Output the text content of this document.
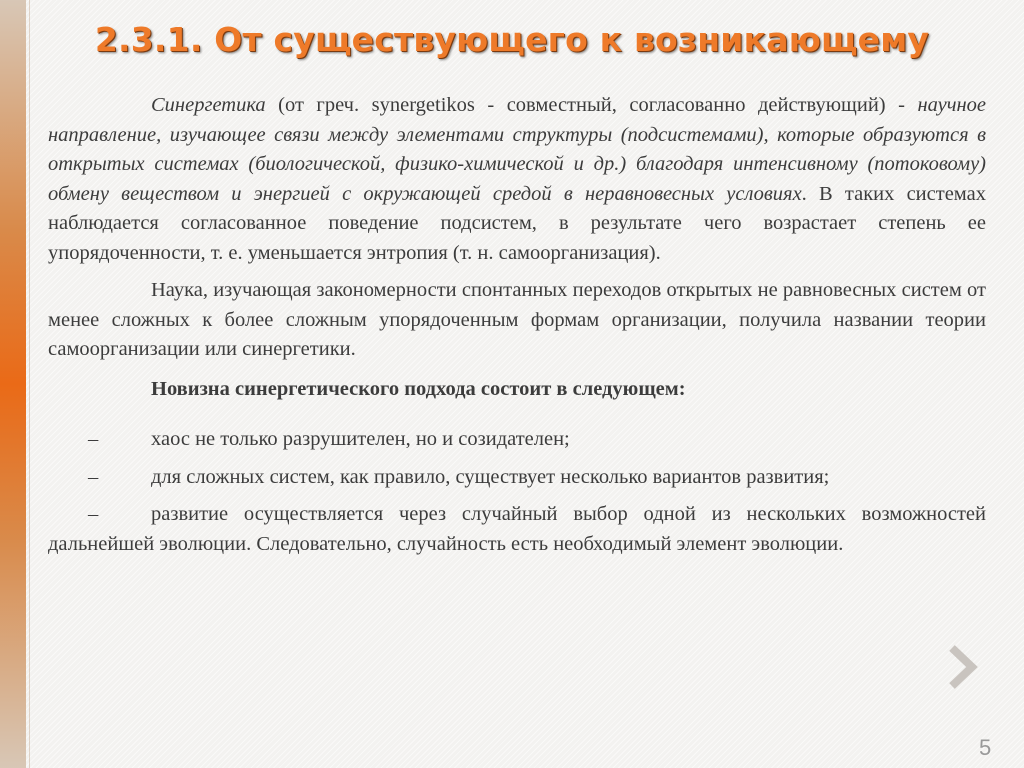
2.3.1. От существующего к возникающему

Синергетика (от греч. synergetikos - совместный, согласованно действующий) - научное направление, изучающее связи между элементами структуры (подсистемами), которые образуются в открытых системах (биологической, физико-химической и др.) благодаря интенсивному (потоковому) обмену веществом и энергией с окружающей средой в неравновесных условиях. В таких системах наблюдается согласованное поведение подсистем, в результате чего возрастает степень ее упорядоченности, т. е. уменьшается энтропия (т. н. самоорганизация).

Наука, изучающая закономерности спонтанных переходов открытых не равновесных систем от менее сложных к более сложным упорядоченным формам организации, получила названии теории самоорганизации или синергетики.

Новизна синергетического подхода состоит в следующем:

–	хаос не только разрушителен, но и созидателен;

–	для сложных систем, как правило, существует несколько вариантов развития;

–	развитие осуществляется через случайный выбор одной из нескольких возможностей дальнейшей эволюции. Следовательно, случайность есть необходимый элемент эволюции.

5
